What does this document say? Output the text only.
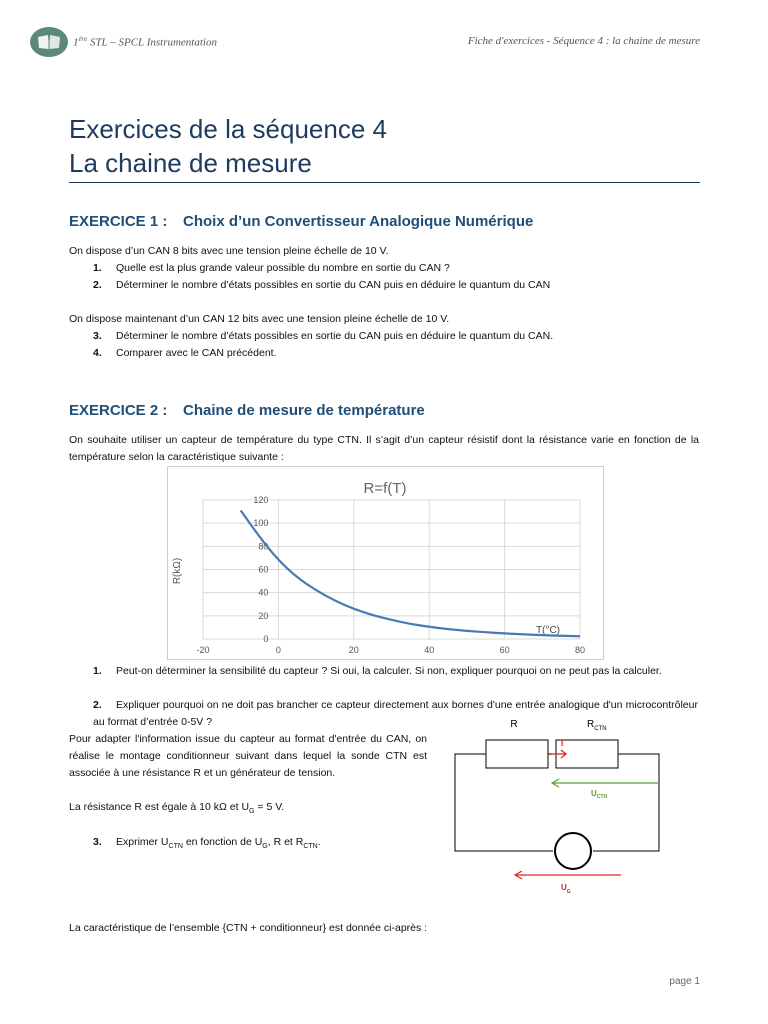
1ère STL – SPCL Instrumentation	Fiche d'exercices - Séquence 4 : la chaine de mesure
Exercices de la séquence 4
La chaine de mesure
EXERCICE 1 : Choix d’un Convertisseur Analogique Numérique
On dispose d’un CAN 8 bits avec une tension pleine échelle de 10 V.
1. Quelle est la plus grande valeur possible du nombre en sortie du CAN ?
2. Déterminer le nombre d’états possibles en sortie du CAN puis en déduire le quantum du CAN
On dispose maintenant d’un CAN 12 bits avec une tension pleine échelle de 10 V.
3. Déterminer le nombre d’états possibles en sortie du CAN puis en déduire le quantum du CAN.
4. Comparer avec le CAN précédent.
EXERCICE 2 : Chaine de mesure de température
On souhaite utiliser un capteur de température du type CTN. Il s’agit d’un capteur résistif dont la résistance varie en fonction de la température selon la caractéristique suivante :
R=f(T)
0
20
40
60
80
100
120
-20	0	20	40	60	80
R(kΩ)
T(°C)
1. Peut-on déterminer la sensibilité du capteur ? Si oui, la calculer. Si non, expliquer pourquoi on ne peut pas la calculer.
2. Expliquer pourquoi on ne doit pas brancher ce capteur directement aux bornes d'une entrée analogique d'un microcontrôleur au format d’entrée 0-5V ?
Pour adapter l'information issue du capteur au format d'entrée du CAN, on réalise le montage conditionneur suivant dans lequel la sonde CTN est associée à une résistance R et un générateur de tension.
La résistance R est égale à 10 kΩ et $U_G = 5$ V.
3. Exprimer $U_{CTN}$ en fonction de $U_G$, R et $R_{CTN}$.
R	$R_{CTN}$
I
$U_{CTN}$
$U_G$
La caractéristique de l’ensemble {CTN + conditionneur} est donnée ci-après :
page 1
